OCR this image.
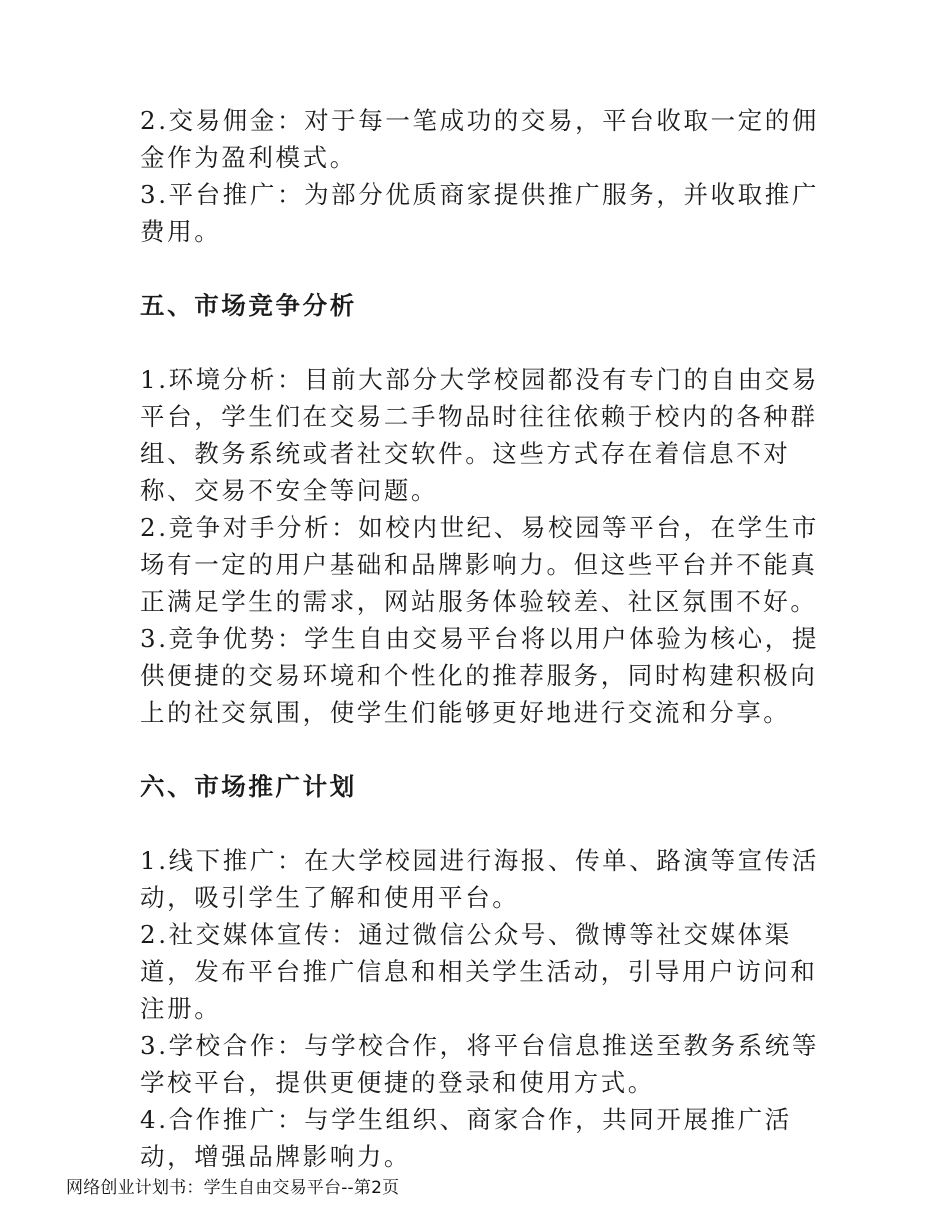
2.交易佣金：对于每一笔成功的交易，平台收取一定的佣金作为盈利模式。

3.平台推广：为部分优质商家提供推广服务，并收取推广费用。

五、市场竞争分析

1.环境分析：目前大部分大学校园都没有专门的自由交易平台，学生们在交易二手物品时往往依赖于校内的各种群组、教务系统或者社交软件。这些方式存在着信息不对称、交易不安全等问题。

2.竞争对手分析：如校内世纪、易校园等平台，在学生市场有一定的用户基础和品牌影响力。但这些平台并不能真正满足学生的需求，网站服务体验较差、社区氛围不好。

3.竞争优势：学生自由交易平台将以用户体验为核心，提供便捷的交易环境和个性化的推荐服务，同时构建积极向上的社交氛围，使学生们能够更好地进行交流和分享。

六、市场推广计划

1.线下推广：在大学校园进行海报、传单、路演等宣传活动，吸引学生了解和使用平台。

2.社交媒体宣传：通过微信公众号、微博等社交媒体渠道，发布平台推广信息和相关学生活动，引导用户访问和注册。

3.学校合作：与学校合作，将平台信息推送至教务系统等学校平台，提供更便捷的登录和使用方式。

4.合作推广：与学生组织、商家合作，共同开展推广活动，增强品牌影响力。

网络创业计划书：学生自由交易平台--第2页
